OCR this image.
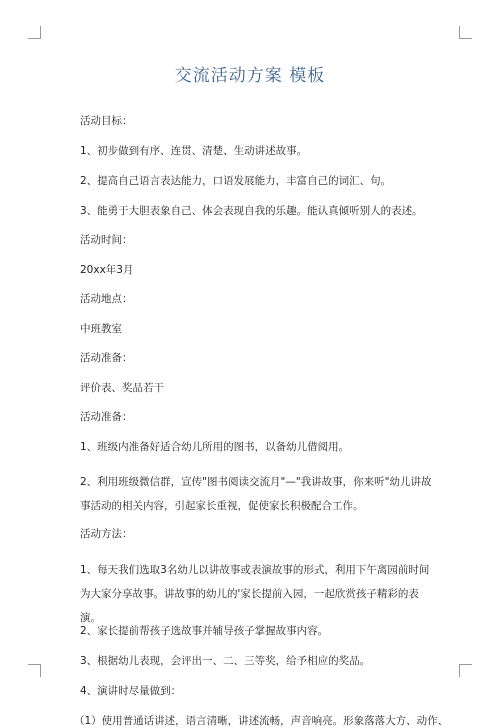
交流活动方案 模板

活动目标：

1、初步做到有序、连贯、清楚、生动讲述故事。

2、提高自己语言表达能力，口语发展能力，丰富自己的词汇、句。

3、能勇于大胆表象自己、体会表现自我的乐趣。能认真倾听别人的表述。

活动时间：

20xx年3月

活动地点：

中班教室

活动准备：

评价表、奖品若干

活动准备：

1、班级内准备好适合幼儿所用的图书，以备幼儿借阅用。

2、利用班级微信群，宣传"图书阅读交流月"—"我讲故事，你来听"幼儿讲故事活动的相关内容，引起家长重视，促使家长积极配合工作。

活动方法：

1、每天我们选取3名幼儿以讲故事或表演故事的形式，利用下午离园前时间为大家分享故事。讲故事的幼儿的'家长提前入园，一起欣赏孩子精彩的表演。

2、家长提前帮孩子选故事并辅导孩子掌握故事内容。

3、根据幼儿表现，会评出一、二、三等奖，给予相应的奖品。

4、演讲时尽量做到：

（1）使用普通话讲述，语言清晰，讲述流畅，声音响亮。形象落落大方、动作、
